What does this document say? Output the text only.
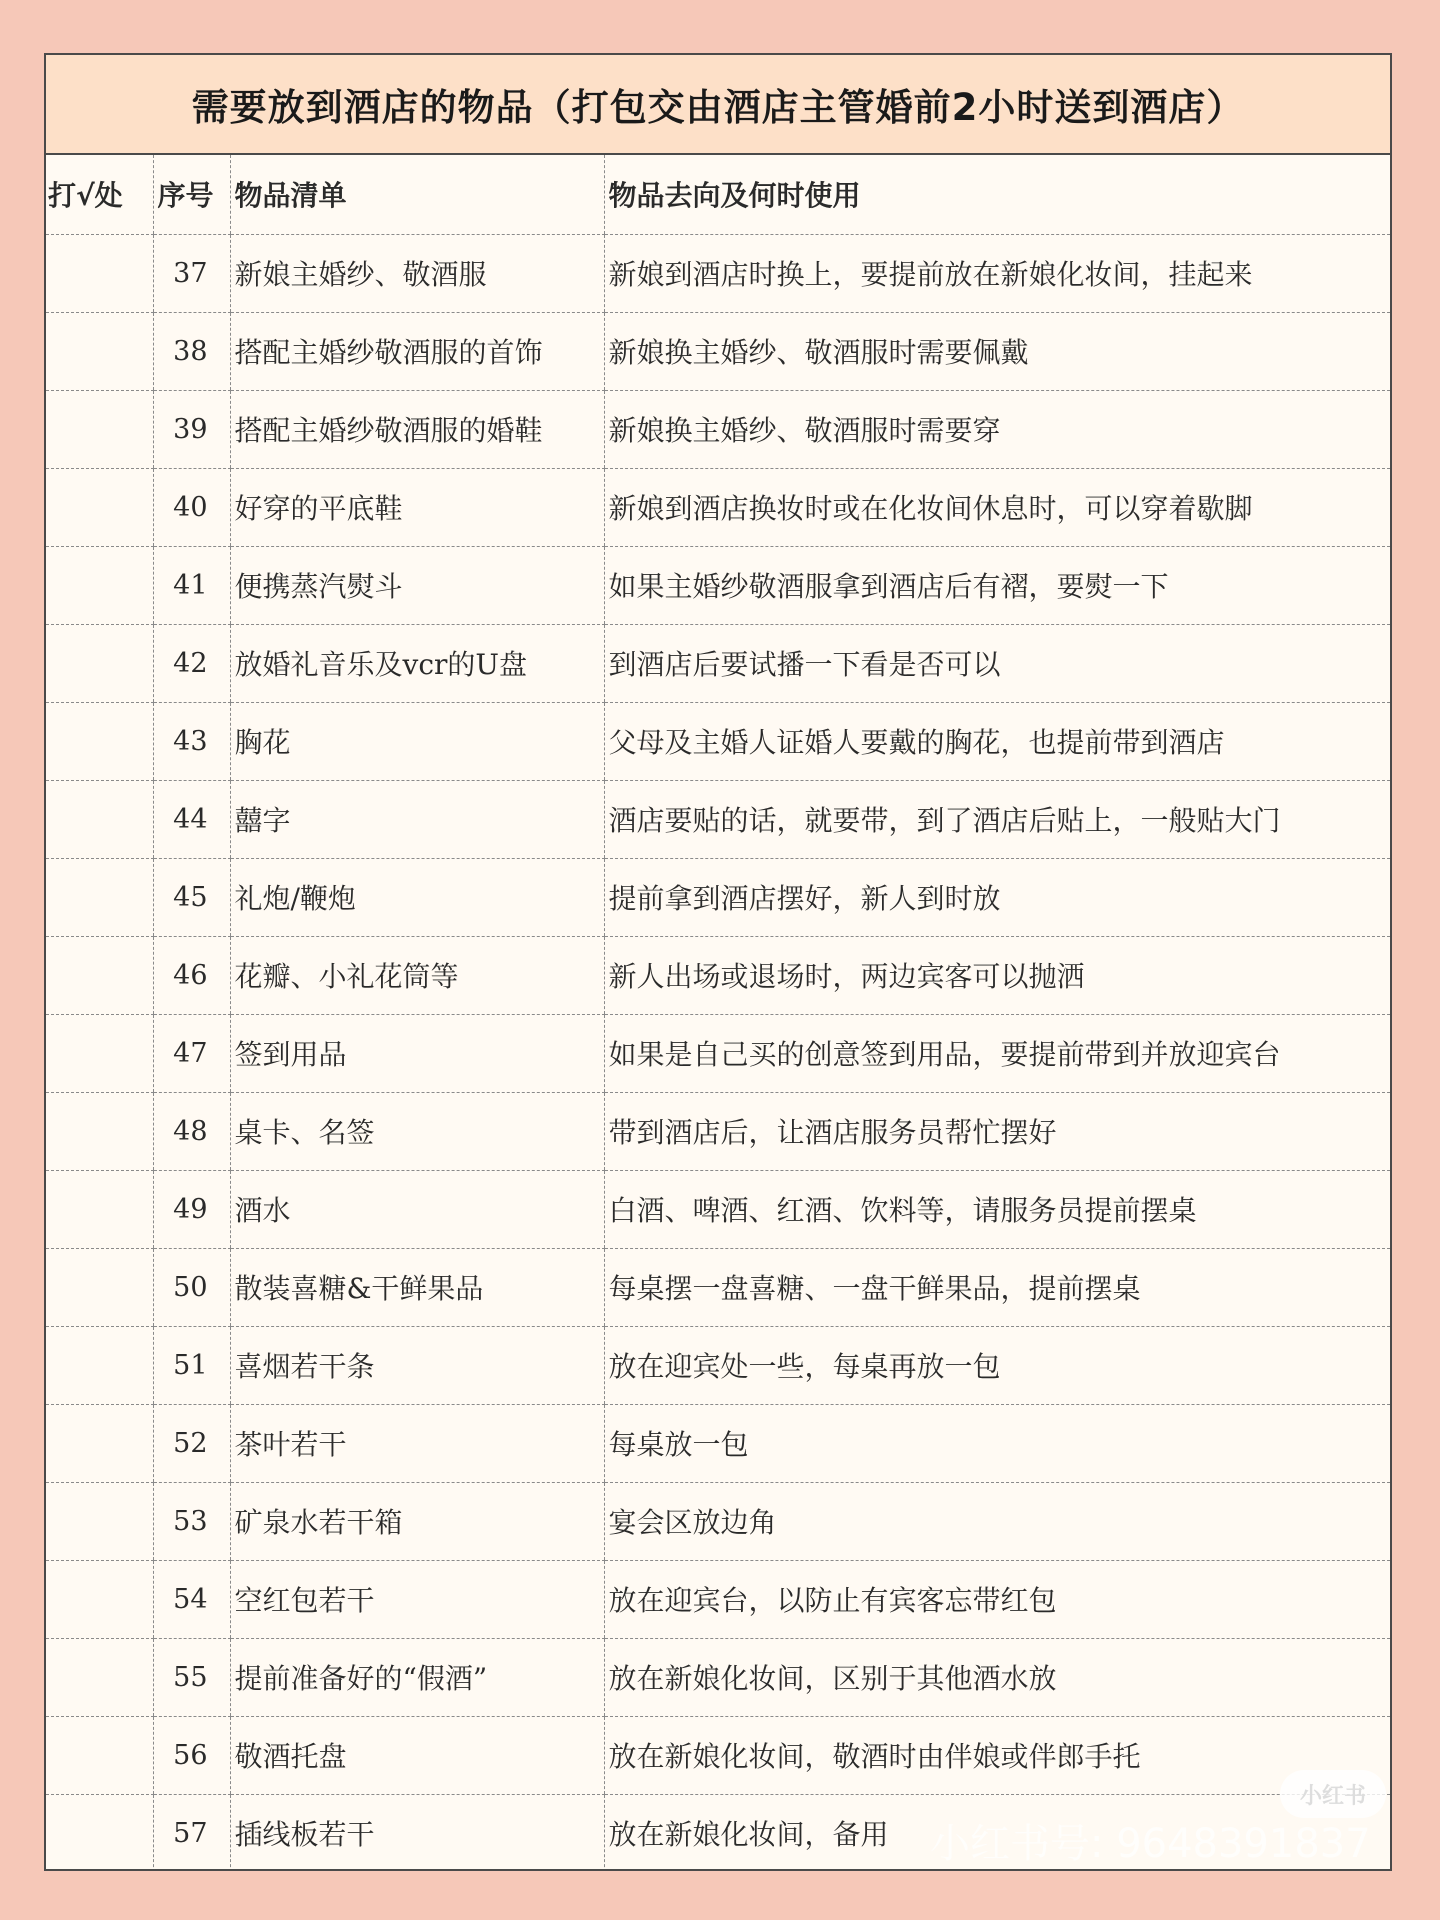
需要放到酒店的物品（打包交由酒店主管婚前2小时送到酒店）
打√处	序号	物品清单	物品去向及何时使用
	37	新娘主婚纱、敬酒服	新娘到酒店时换上，要提前放在新娘化妆间，挂起来
	38	搭配主婚纱敬酒服的首饰	新娘换主婚纱、敬酒服时需要佩戴
	39	搭配主婚纱敬酒服的婚鞋	新娘换主婚纱、敬酒服时需要穿
	40	好穿的平底鞋	新娘到酒店换妆时或在化妆间休息时，可以穿着歇脚
	41	便携蒸汽熨斗	如果主婚纱敬酒服拿到酒店后有褶，要熨一下
	42	放婚礼音乐及vcr的U盘	到酒店后要试播一下看是否可以
	43	胸花	父母及主婚人证婚人要戴的胸花，也提前带到酒店
	44	囍字	酒店要贴的话，就要带，到了酒店后贴上，一般贴大门
	45	礼炮/鞭炮	提前拿到酒店摆好，新人到时放
	46	花瓣、小礼花筒等	新人出场或退场时，两边宾客可以抛洒
	47	签到用品	如果是自己买的创意签到用品，要提前带到并放迎宾台
	48	桌卡、名签	带到酒店后，让酒店服务员帮忙摆好
	49	酒水	白酒、啤酒、红酒、饮料等，请服务员提前摆桌
	50	散装喜糖&干鲜果品	每桌摆一盘喜糖、一盘干鲜果品，提前摆桌
	51	喜烟若干条	放在迎宾处一些，每桌再放一包
	52	茶叶若干	每桌放一包
	53	矿泉水若干箱	宴会区放边角
	54	空红包若干	放在迎宾台，以防止有宾客忘带红包
	55	提前准备好的“假酒”	放在新娘化妆间，区别于其他酒水放
	56	敬酒托盘	放在新娘化妆间，敬酒时由伴娘或伴郎手托
	57	插线板若干	放在新娘化妆间，备用 小红书号: 9648391837
小红书
